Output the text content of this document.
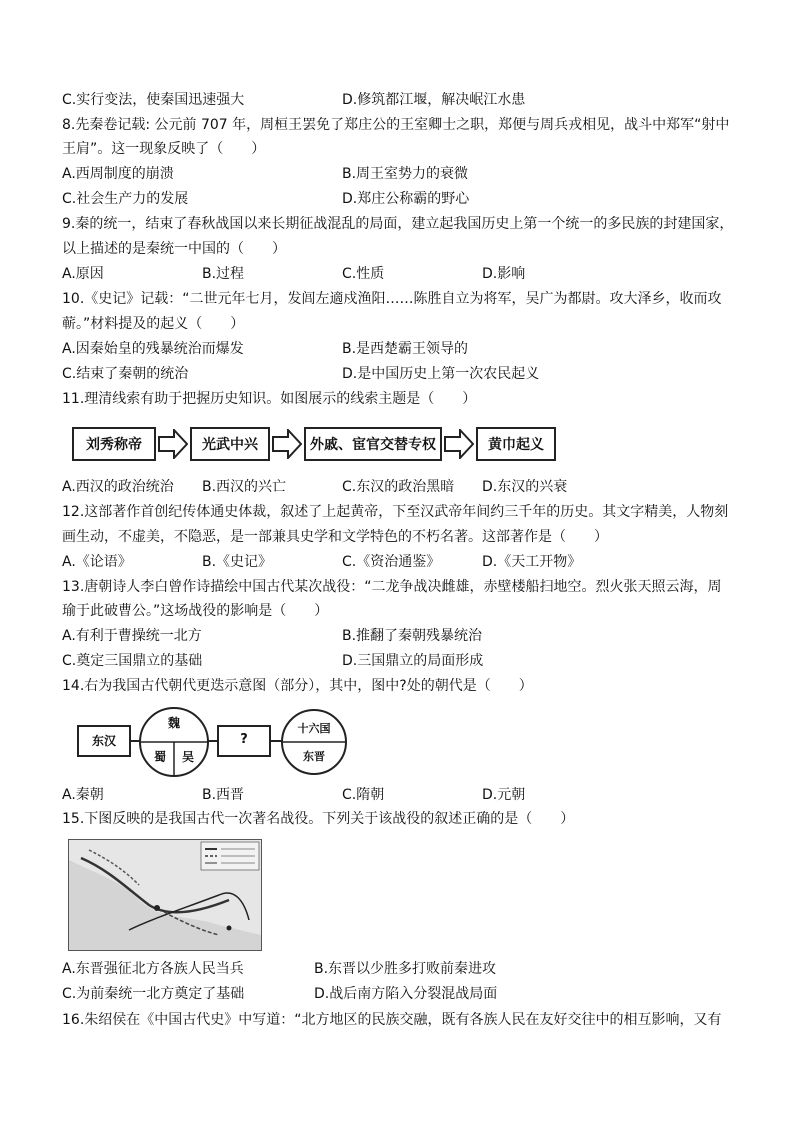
C.实行变法，使秦国迅速强大	D.修筑都江堰，解决岷江水患
8.先秦卷记载: 公元前 707 年，周桓王罢免了郑庄公的王室卿士之职，郑便与周兵戎相见，战斗中郑军“射中
王肩”。这一现象反映了（　　）
A.西周制度的崩溃	B.周王室势力的衰微
C.社会生产力的发展	D.郑庄公称霸的野心
9.秦的统一，结束了春秋战国以来长期征战混乱的局面，建立起我国历史上第一个统一的多民族的封建国家，
以上描述的是秦统一中国的（　　）
A.原因	B.过程	C.性质	D.影响
10.《史记》记载：“二世元年七月，发闾左適戍渔阳……陈胜自立为将军，吴广为都尉。攻大泽乡，收而攻
蕲。”材料提及的起义（　　）
A.因秦始皇的残暴统治而爆发	B.是西楚霸王领导的
C.结束了秦朝的统治	D.是中国历史上第一次农民起义
11.理清线索有助于把握历史知识。如图展示的线索主题是（　　）
刘秀称帝	光武中兴	外戚、宦官交替专权	黄巾起义
A.西汉的政治统治 B.西汉的兴亡	C.东汉的政治黑暗 D.东汉的兴衰
12.这部著作首创纪传体通史体裁，叙述了上起黄帝，下至汉武帝年间约三千年的历史。其文字精美，人物刻
画生动，不虚美，不隐恶，是一部兼具史学和文学特色的不朽名著。这部著作是（　　）
A.《论语》	B.《史记》	C.《资治通鉴》	D.《天工开物》
13.唐朝诗人李白曾作诗描绘中国古代某次战役：“二龙争战决雌雄，赤壁楼船扫地空。烈火张天照云海，周
瑜于此破曹公。”这场战役的影响是（　　）
A.有利于曹操统一北方	B.推翻了秦朝残暴统治
C.奠定三国鼎立的基础	D.三国鼎立的局面形成
14.右为我国古代朝代更迭示意图（部分），其中，图中?处的朝代是（　　）
东汉
魏
蜀	吴
?
十六国
东晋
A.秦朝	B.西晋	C.隋朝	D.元朝
15.下图反映的是我国古代一次著名战役。下列关于该战役的叙述正确的是（　　）
A.东晋强征北方各族人民当兵	B.东晋以少胜多打败前秦进攻
C.为前秦统一北方奠定了基础	D.战后南方陷入分裂混战局面
16.朱绍侯在《中国古代史》中写道：“北方地区的民族交融，既有各族人民在友好交往中的相互影响，又有
